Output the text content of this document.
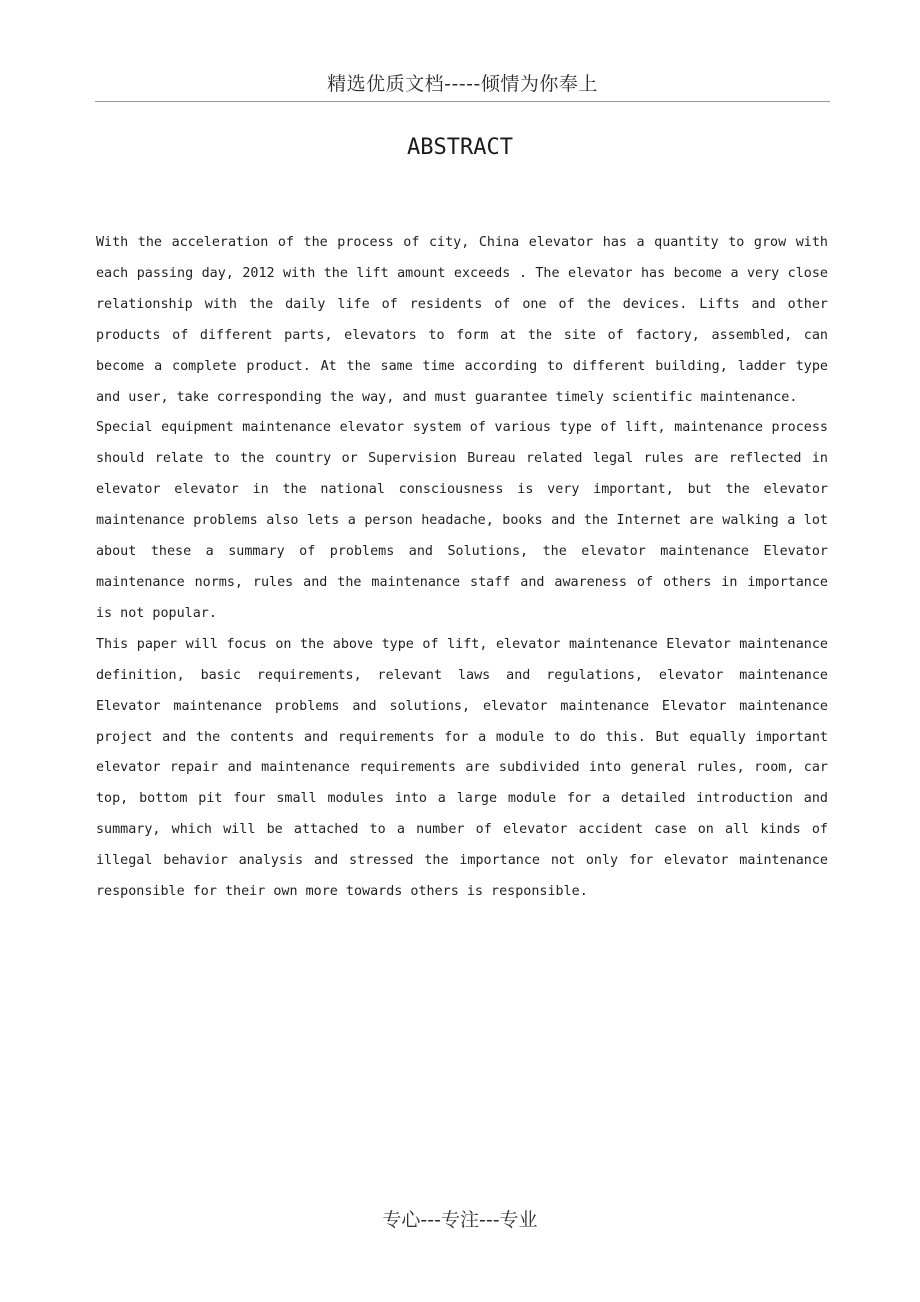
精选优质文档-----倾情为你奉上
ABSTRACT

With the acceleration of the process of city, China elevator has a quantity to grow with each passing day, 2012 with the lift amount exceeds . The elevator has become a very close relationship with the daily life of residents of one of the devices. Lifts and other products of different parts, elevators to form at the site of factory, assembled, can become a complete product. At the same time according to different building, ladder type and user, take corresponding the way, and must guarantee timely scientific maintenance.

Special equipment maintenance elevator system of various type of lift, maintenance process should relate to the country or Supervision Bureau related legal rules are reflected in elevator elevator in the national consciousness is very important, but the elevator maintenance problems also lets a person headache, books and the Internet are walking a lot about these a summary of problems and Solutions, the elevator maintenance Elevator maintenance norms, rules and the maintenance staff and awareness of others in importance is not popular.

This paper will focus on the above type of lift, elevator maintenance Elevator maintenance definition, basic requirements, relevant laws and regulations, elevator maintenance Elevator maintenance problems and solutions, elevator maintenance Elevator maintenance project and the contents and requirements for a module to do this. But equally important elevator repair and maintenance requirements are subdivided into general rules, room, car top, bottom pit four small modules into a large module for a detailed introduction and summary, which will be attached to a number of elevator accident case on all kinds of illegal behavior analysis and stressed the importance not only for elevator maintenance responsible for their own more towards others is responsible.

专心---专注---专业
